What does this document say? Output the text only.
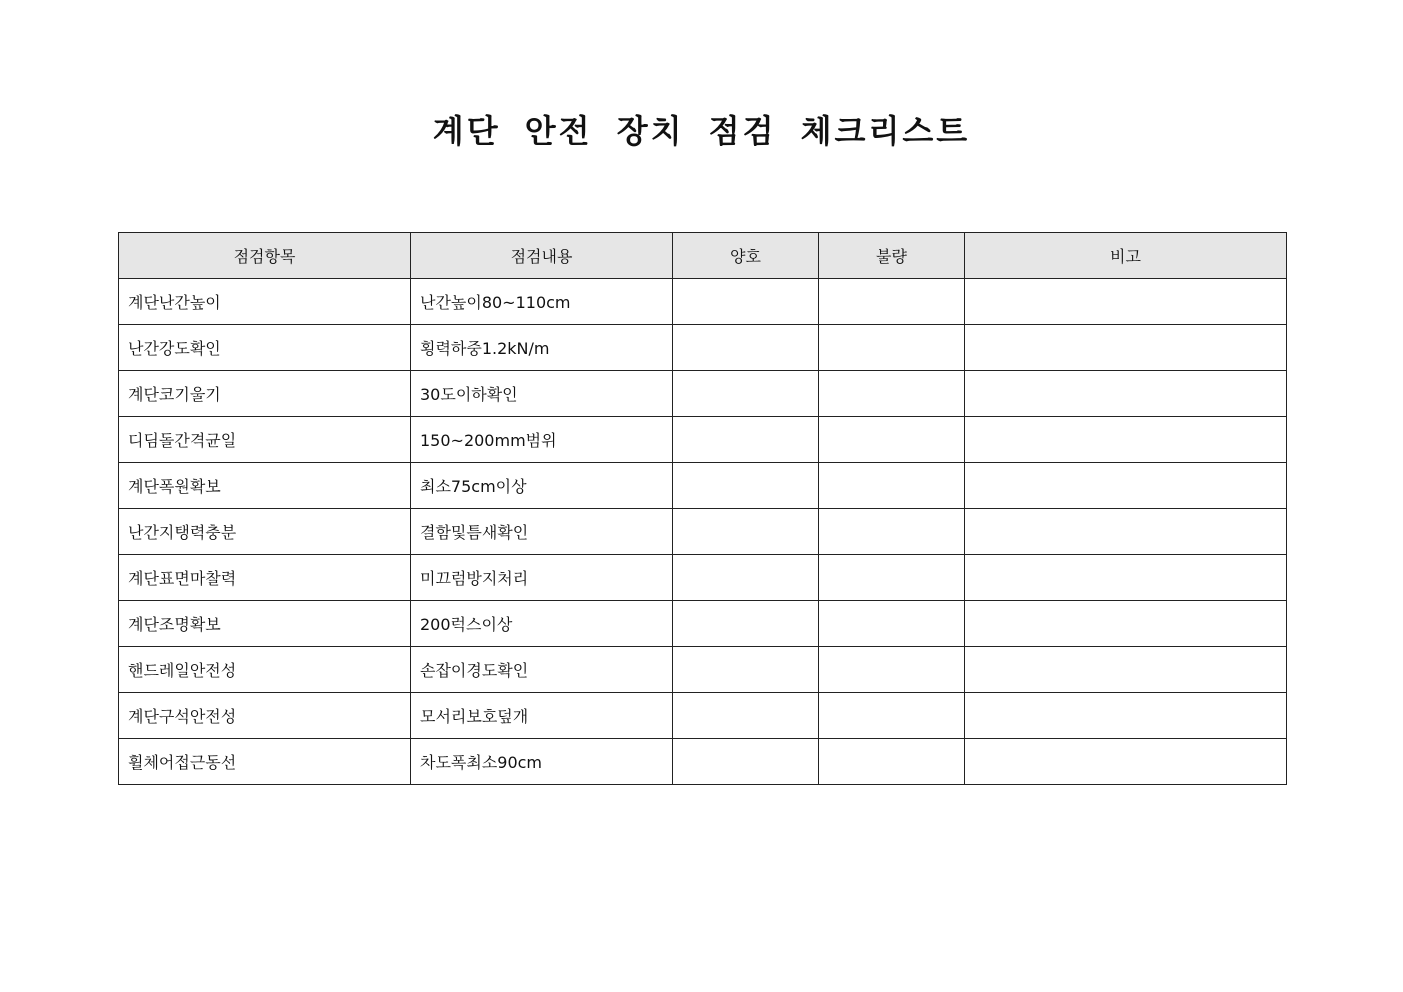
계단 안전 장치 점검 체크리스트
점검항목	점검내용	양호	불량	비고
계단난간높이	난간높이80~110cm			
난간강도확인	횡력하중1.2kN/m			
계단코기울기	30도이하확인			
디딤돌간격균일	150~200mm범위			
계단폭원확보	최소75cm이상			
난간지탱력충분	결함및틈새확인			
계단표면마찰력	미끄럼방지처리			
계단조명확보	200럭스이상			
핸드레일안전성	손잡이경도확인			
계단구석안전성	모서리보호덮개			
휠체어접근동선	차도폭최소90cm			
